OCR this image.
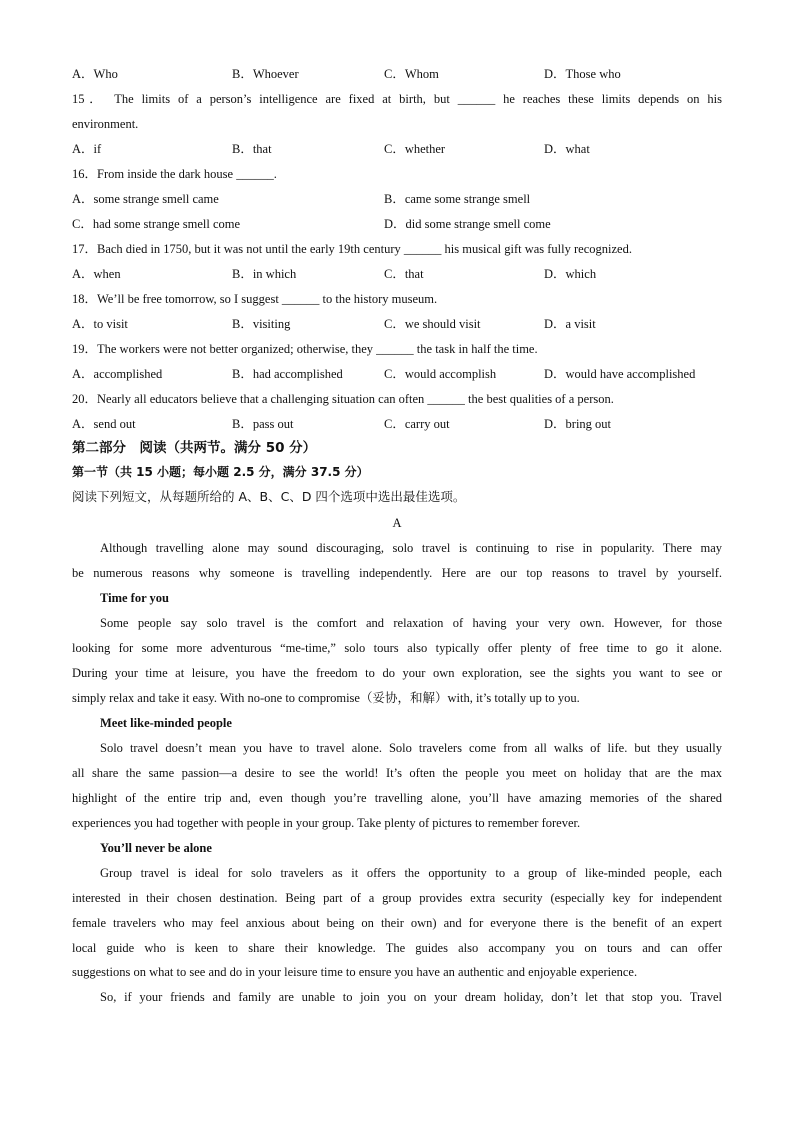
A．Who	B．Whoever	C．Whom	D．Those who
15． The limits of a person’s intelligence are fixed at birth, but ______ he reaches these limits depends on his
environment.
A．if	B．that	C．whether	D．what
16．From inside the dark house ______.
A．some strange smell came	B．came some strange smell
C．had some strange smell come	D．did some strange smell come
17．Bach died in 1750, but it was not until the early 19th century ______ his musical gift was fully recognized.
A．when	B．in which	C．that	D．which
18．We’ll be free tomorrow, so I suggest ______ to the history museum.
A．to visit	B．visiting	C．we should visit	D．a visit
19．The workers were not better organized; otherwise, they ______ the task in half the time.
A．accomplished	B．had accomplished	C．would accomplish	D．would have accomplished
20．Nearly all educators believe that a challenging situation can often ______ the best qualities of a person.
A．send out	B．pass out	C．carry out	D．bring out
第二部分　阅读（共两节。满分 50 分）
第一节（共 15 小题；每小题 2.5 分，满分 37.5 分）
阅读下列短文，从每题所给的 A、B、C、D 四个选项中选出最佳选项。
A
Although travelling alone may sound discouraging, solo travel is continuing to rise in popularity. There may
be numerous reasons why someone is travelling independently. Here are our top reasons to travel by yourself.
Time for you
Some people say solo travel is the comfort and relaxation of having your very own. However, for those
looking for some more adventurous “me-time,” solo tours also typically offer plenty of free time to go it alone.
During your time at leisure, you have the freedom to do your own exploration, see the sights you want to see or
simply relax and take it easy. With no-one to compromise（妥协，和解）with, it’s totally up to you.
Meet like-minded people
Solo travel doesn’t mean you have to travel alone. Solo travelers come from all walks of life. but they usually
all share the same passion—a desire to see the world! It’s often the people you meet on holiday that are the max
highlight of the entire trip and, even though you’re travelling alone, you’ll have amazing memories of the shared
experiences you had together with people in your group. Take plenty of pictures to remember forever.
You’ll never be alone
Group travel is ideal for solo travelers as it offers the opportunity to a group of like-minded people, each
interested in their chosen destination. Being part of a group provides extra security (especially key for independent
female travelers who may feel anxious about being on their own) and for everyone there is the benefit of an expert
local guide who is keen to share their knowledge. The guides also accompany you on tours and can offer
suggestions on what to see and do in your leisure time to ensure you have an authentic and enjoyable experience.
So, if your friends and family are unable to join you on your dream holiday, don’t let that stop you. Travel
